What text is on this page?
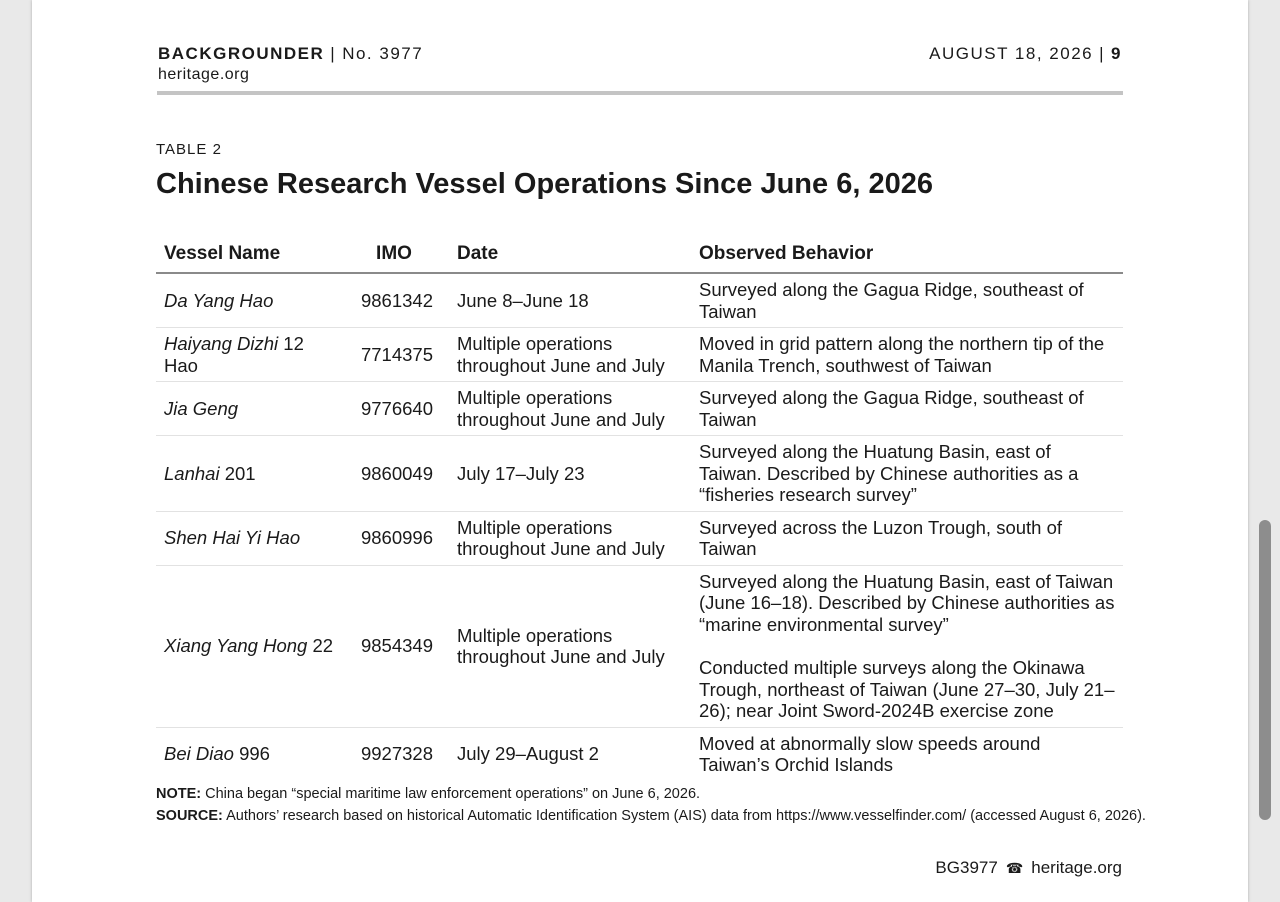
BACKGROUNDER | No. 3977
heritage.org
AUGUST 18, 2026 | 9
TABLE 2
Chinese Research Vessel Operations Since June 6, 2026
Vessel Name	IMO	Date	Observed Behavior
Da Yang Hao	9861342	June 8–June 18	Surveyed along the Gagua Ridge, southeast of Taiwan

Haiyang Dizhi 12 Hao	7714375	Multiple operations throughout June and July	Moved in grid pattern along the northern tip of the Manila Trench, southwest of Taiwan

Jia Geng	9776640	Multiple operations throughout June and July	Surveyed along the Gagua Ridge, southeast of Taiwan

Lanhai 201	9860049	July 17–July 23	Surveyed along the Huatung Basin, east of Taiwan. Described by Chinese authorities as a “fisheries research survey”

Shen Hai Yi Hao	9860996	Multiple operations throughout June and July	Surveyed across the Luzon Trough, south of Taiwan

Xiang Yang Hong 22	9854349	Multiple operations throughout June and July	Surveyed along the Huatung Basin, east of Taiwan (June 16–18). Described by Chinese authorities as “marine environmental survey”
Conducted multiple surveys along the Okinawa Trough, northeast of Taiwan (June 27–30, July 21–26); near Joint Sword-2024B exercise zone

Bei Diao 996	9927328	July 29–August 2	Moved at abnormally slow speeds around Taiwan’s Orchid Islands
NOTE: China began “special maritime law enforcement operations” on June 6, 2026.
SOURCE: Authors’ research based on historical Automatic Identification System (AIS) data from https://www.vesselfinder.com/ (accessed August 6, 2026).
BG3977 ☎ heritage.org
